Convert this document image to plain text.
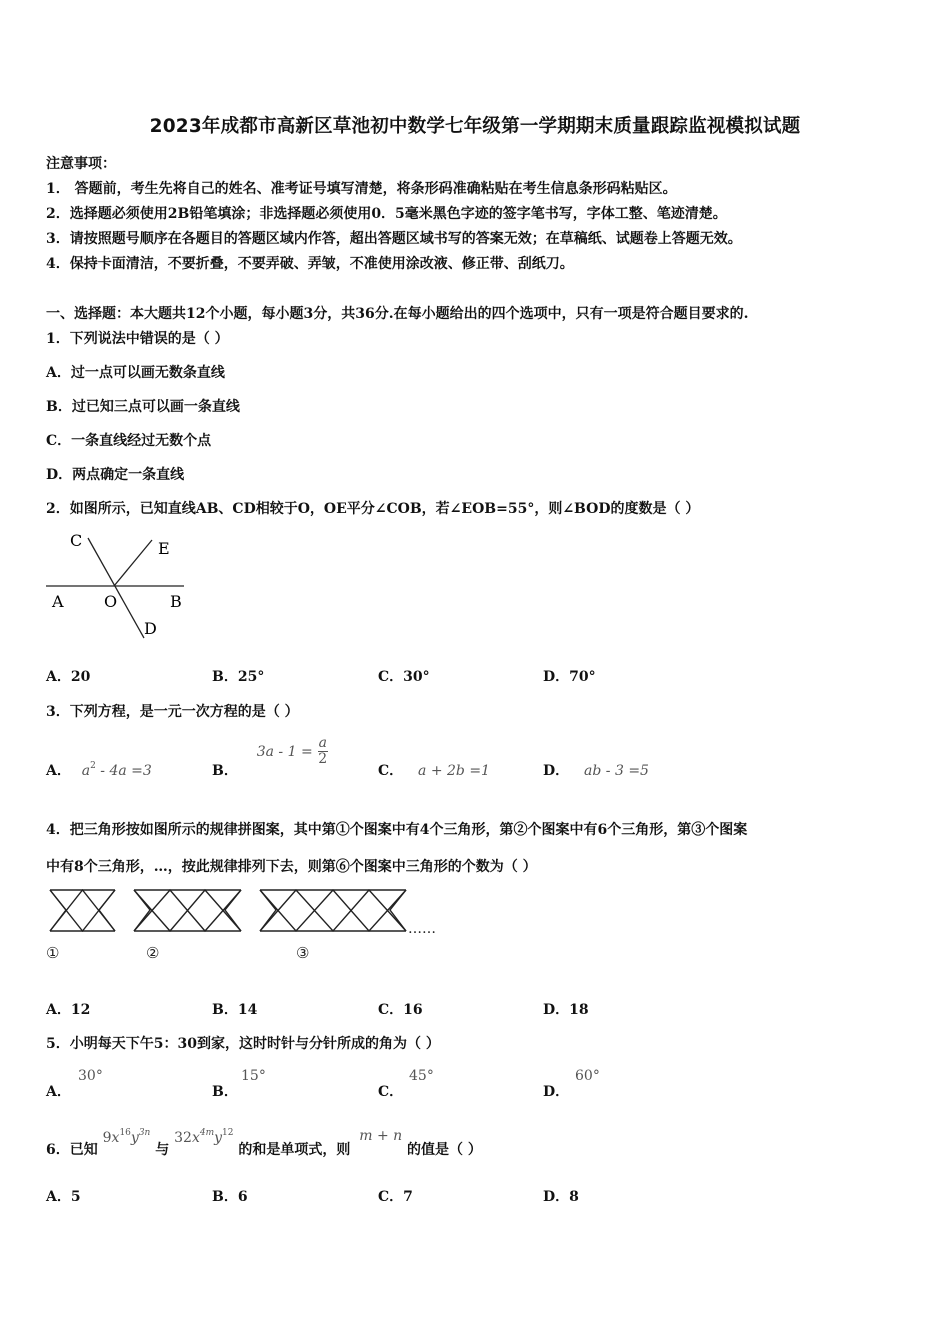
2023年成都市高新区草池初中数学七年级第一学期期末质量跟踪监视模拟试题
注意事项：
1． 答题前，考生先将自己的姓名、准考证号填写清楚，将条形码准确粘贴在考生信息条形码粘贴区。
2．选择题必须使用2B铅笔填涂；非选择题必须使用0．5毫米黑色字迹的签字笔书写，字体工整、笔迹清楚。
3．请按照题号顺序在各题目的答题区域内作答，超出答题区域书写的答案无效；在草稿纸、试题卷上答题无效。
4．保持卡面清洁，不要折叠，不要弄破、弄皱，不准使用涂改液、修正带、刮纸刀。
一、选择题：本大题共12个小题，每小题3分，共36分.在每小题给出的四个选项中，只有一项是符合题目要求的.
1．下列说法中错误的是（ ）
A．过一点可以画无数条直线
B．过已知三点可以画一条直线
C．一条直线经过无数个点
D．两点确定一条直线
2．如图所示，已知直线AB、CD相较于O，OE平分∠COB，若∠EOB=55°，则∠BOD的度数是（ ）
C	E
A	O	B
D
A．20	B．25°	C．30°	D．70°
3．下列方程，是一元一次方程的是（ ）
A． $a^2 - 4a =3$	B． $3a - 1 = \frac{a}{2}$
C． a + 2b =1	D． ab - 3 =5
4．把三角形按如图所示的规律拼图案，其中第①个图案中有4个三角形，第②个图案中有6个三角形，第③个图案
中有8个三角形，…，按此规律排列下去，则第⑥个图案中三角形的个数为（ ）
……
①	②	③
A．12	B．14	C．16	D．18
5．小明每天下午5：30到家，这时时针与分针所成的角为（ ）
A．
30°
B．
15°
C．
45°
D．
60°
6．已知 $9x^{16}y^{3n}$ 与 $32x^{4m}y^{12}$ 的和是单项式，则 m + n 的值是（ ）
A．5	B．6	C．7	D．8
